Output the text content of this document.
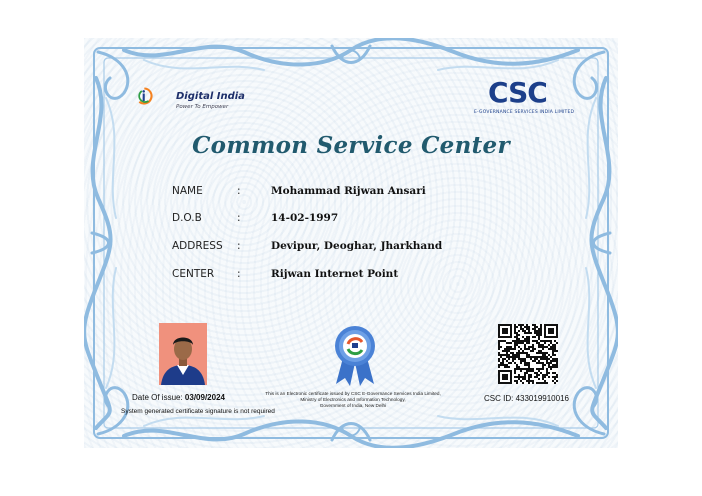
Digital India
Power To Empower	CSC
E-GOVERNANCE SERVICES INDIA LIMITED
Common Service Center
NAME	:	Mohammad Rijwan Ansari
D.O.B	:	14-02-1997
ADDRESS :	Devipur, Deoghar, Jharkhand
CENTER :	Rijwan Internet Point
Date Of issue: 03/09/2024
System generated certificate signature is not required
This is an Electronic certificate issued by CSC E-Governance Services India Limited,
Ministry of Electronics and Information Technology,
Government of India, New Delhi
CSC ID: 433019910016
